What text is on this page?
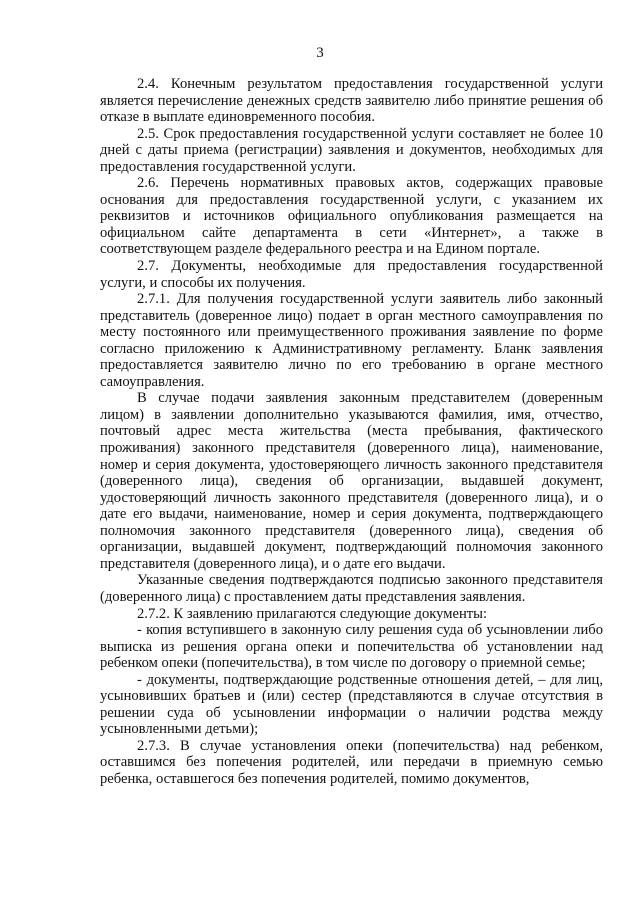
3

2.4. Конечным результатом предоставления государственной услуги является перечисление денежных средств заявителю либо принятие решения об отказе в выплате единовременного пособия.

2.5. Срок предоставления государственной услуги составляет не более 10 дней с даты приема (регистрации) заявления и документов, необходимых для предоставления государственной услуги.

2.6. Перечень нормативных правовых актов, содержащих правовые основания для предоставления государственной услуги, с указанием их реквизитов и источников официального опубликования размещается на официальном сайте департамента в сети «Интернет», а также в соответствующем разделе федерального реестра и на Едином портале.

2.7. Документы, необходимые для предоставления государственной услуги, и способы их получения.

2.7.1. Для получения государственной услуги заявитель либо законный представитель (доверенное лицо) подает в орган местного самоуправления по месту постоянного или преимущественного проживания заявление по форме согласно приложению к Административному регламенту. Бланк заявления предоставляется заявителю лично по его требованию в органе местного самоуправления.

В случае подачи заявления законным представителем (доверенным лицом) в заявлении дополнительно указываются фамилия, имя, отчество, почтовый адрес места жительства (места пребывания, фактического проживания) законного представителя (доверенного лица), наименование, номер и серия документа, удостоверяющего личность законного представителя (доверенного лица), сведения об организации, выдавшей документ, удостоверяющий личность законного представителя (доверенного лица), и о дате его выдачи, наименование, номер и серия документа, подтверждающего полномочия законного представителя (доверенного лица), сведения об организации, выдавшей документ, подтверждающий полномочия законного представителя (доверенного лица), и о дате его выдачи.

Указанные сведения подтверждаются подписью законного представителя (доверенного лица) с проставлением даты представления заявления.

2.7.2. К заявлению прилагаются следующие документы:

- копия вступившего в законную силу решения суда об усыновлении либо выписка из решения органа опеки и попечительства об установлении над ребенком опеки (попечительства), в том числе по договору о приемной семье;

- документы, подтверждающие родственные отношения детей, – для лиц, усыновивших братьев и (или) сестер (представляются в случае отсутствия в решении суда об усыновлении информации о наличии родства между усыновленными детьми);

2.7.3. В случае установления опеки (попечительства) над ребенком, оставшимся без попечения родителей, или передачи в приемную семью ребенка, оставшегося без попечения родителей, помимо документов,
